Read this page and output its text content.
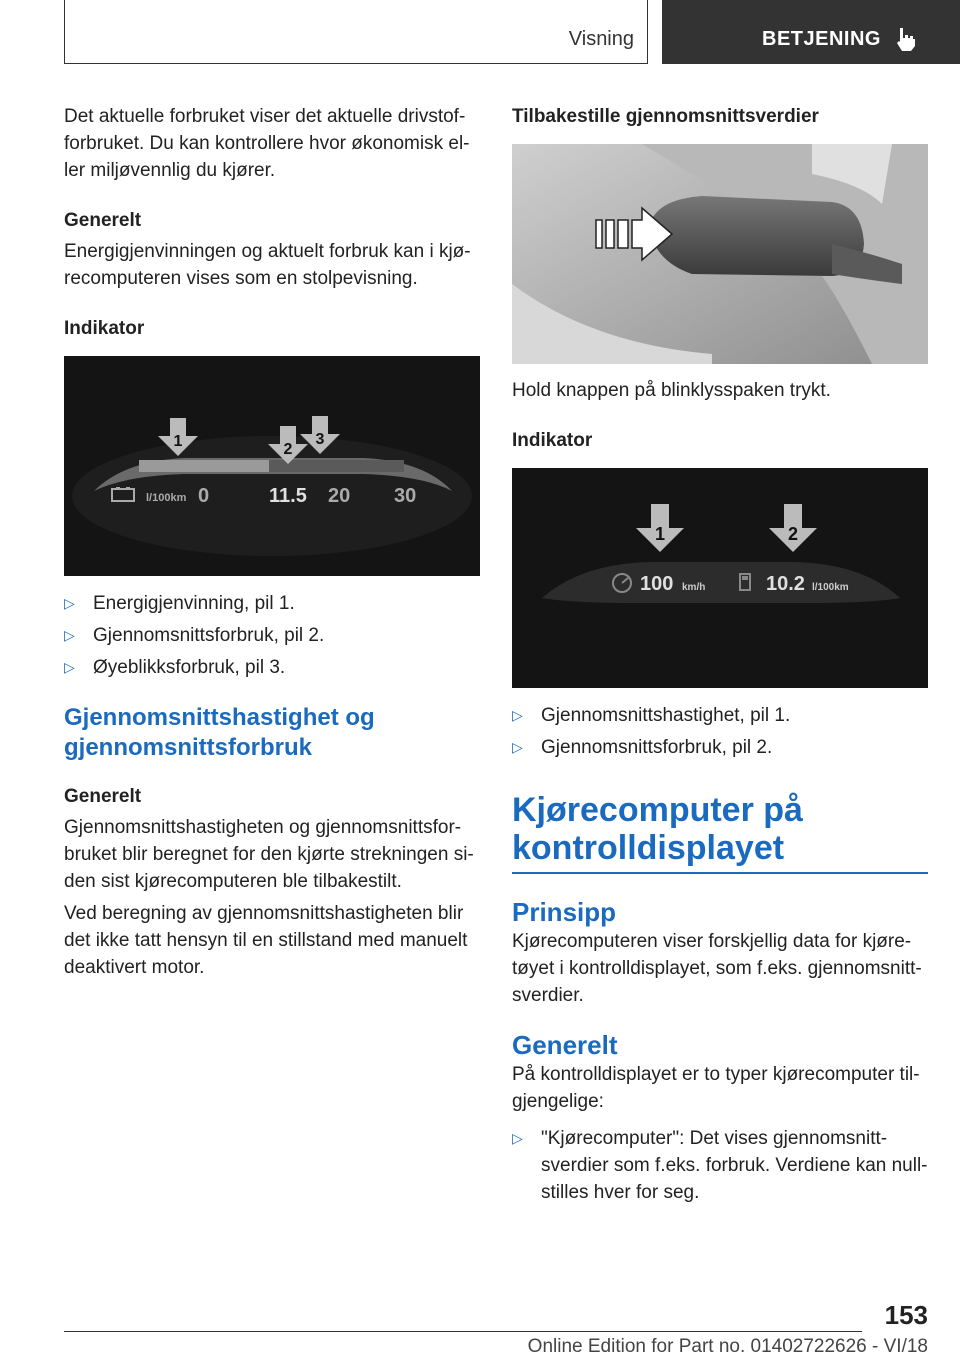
Visning	BETJENING

Det aktuelle forbruket viser det aktuelle drivstof-

forbruket. Du kan kontrollere hvor økonomisk el-

ler miljøvennlig du kjører.

Generelt

Energigjenvinningen og aktuelt forbruk kan i kjø-

recomputeren vises som en stolpevisning.

Indikator

1	2
3
l/100km 0	11.5 20 30
▷ Energigjenvinning, pil 1.
▷ Gjennomsnittsforbruk, pil 2.
▷ Øyeblikksforbruk, pil 3.

Gjennomsnittshastighet og

gjennomsnittsforbruk

Generelt

Gjennomsnittshastigheten og gjennomsnittsfor-

bruket blir beregnet for den kjørte strekningen si-

den sist kjørecomputeren ble tilbakestilt.

Ved beregning av gjennomsnittshastigheten blir

det ikke tatt hensyn til en stillstand med manuelt

deaktivert motor.

Tilbakestille gjennomsnittsverdier

Hold knappen på blinklysspaken trykt.

Indikator

1	2
100 km/h	10.2 l/100km
▷ Gjennomsnittshastighet, pil 1.
▷ Gjennomsnittsforbruk, pil 2.

Kjørecomputer på

kontrolldisplayet

Prinsipp

Kjørecomputeren viser forskjellig data for kjøre-

tøyet i kontrolldisplayet, som f.eks. gjennomsnitt-

sverdier.

Generelt

På kontrolldisplayet er to typer kjørecomputer til-

gjengelige:

▷ "Kjørecomputer": Det vises gjennomsnitt-

sverdier som f.eks. forbruk. Verdiene kan null-

stilles hver for seg.

153
Online Edition for Part no. 01402722626 - VI/18
